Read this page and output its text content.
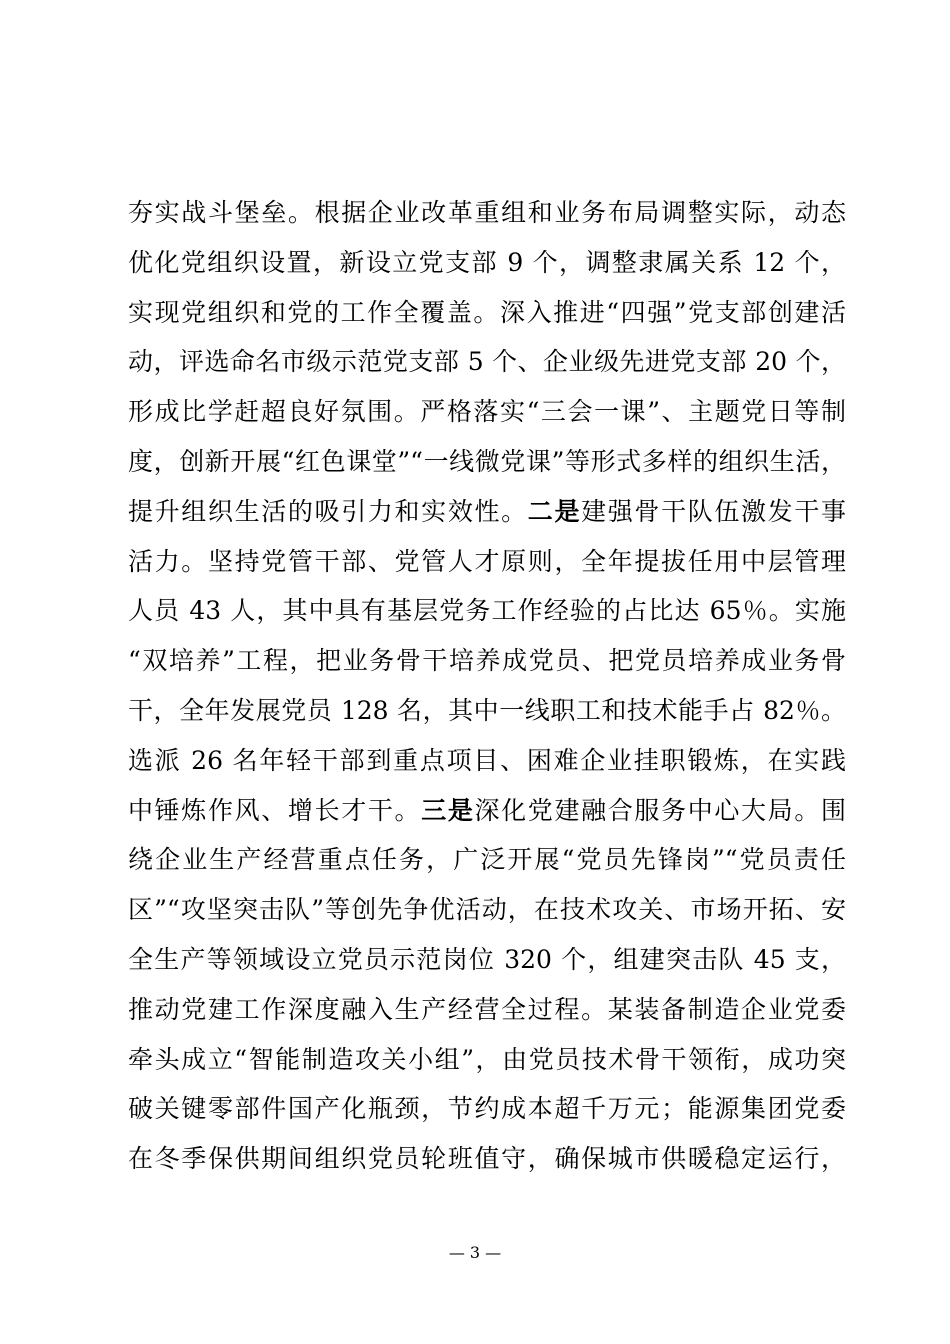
夯实战斗堡垒。根据企业改革重组和业务布局调整实际，动态
优化党组织设置，新设立党支部 9 个，调整隶属关系 12 个，
实现党组织和党的工作全覆盖。深入推进“四强”党支部创建活
动，评选命名市级示范党支部 5 个、企业级先进党支部 20 个，
形成比学赶超良好氛围。严格落实“三会一课”、主题党日等制
度，创新开展“红色课堂”“一线微党课”等形式多样的组织生活，
提升组织生活的吸引力和实效性。二是建强骨干队伍激发干事
活力。坚持党管干部、党管人才原则，全年提拔任用中层管理
人员 43 人，其中具有基层党务工作经验的占比达 65％。实施
“双培养”工程，把业务骨干培养成党员、把党员培养成业务骨
干，全年发展党员 128 名，其中一线职工和技术能手占 82％。
选派 26 名年轻干部到重点项目、困难企业挂职锻炼，在实践
中锤炼作风、增长才干。三是深化党建融合服务中心大局。围
绕企业生产经营重点任务，广泛开展“党员先锋岗”“党员责任
区”“攻坚突击队”等创先争优活动，在技术攻关、市场开拓、安
全生产等领域设立党员示范岗位 320 个，组建突击队 45 支，
推动党建工作深度融入生产经营全过程。某装备制造企业党委
牵头成立“智能制造攻关小组”，由党员技术骨干领衔，成功突
破关键零部件国产化瓶颈，节约成本超千万元；能源集团党委
在冬季保供期间组织党员轮班值守，确保城市供暖稳定运行，
— 3 —
